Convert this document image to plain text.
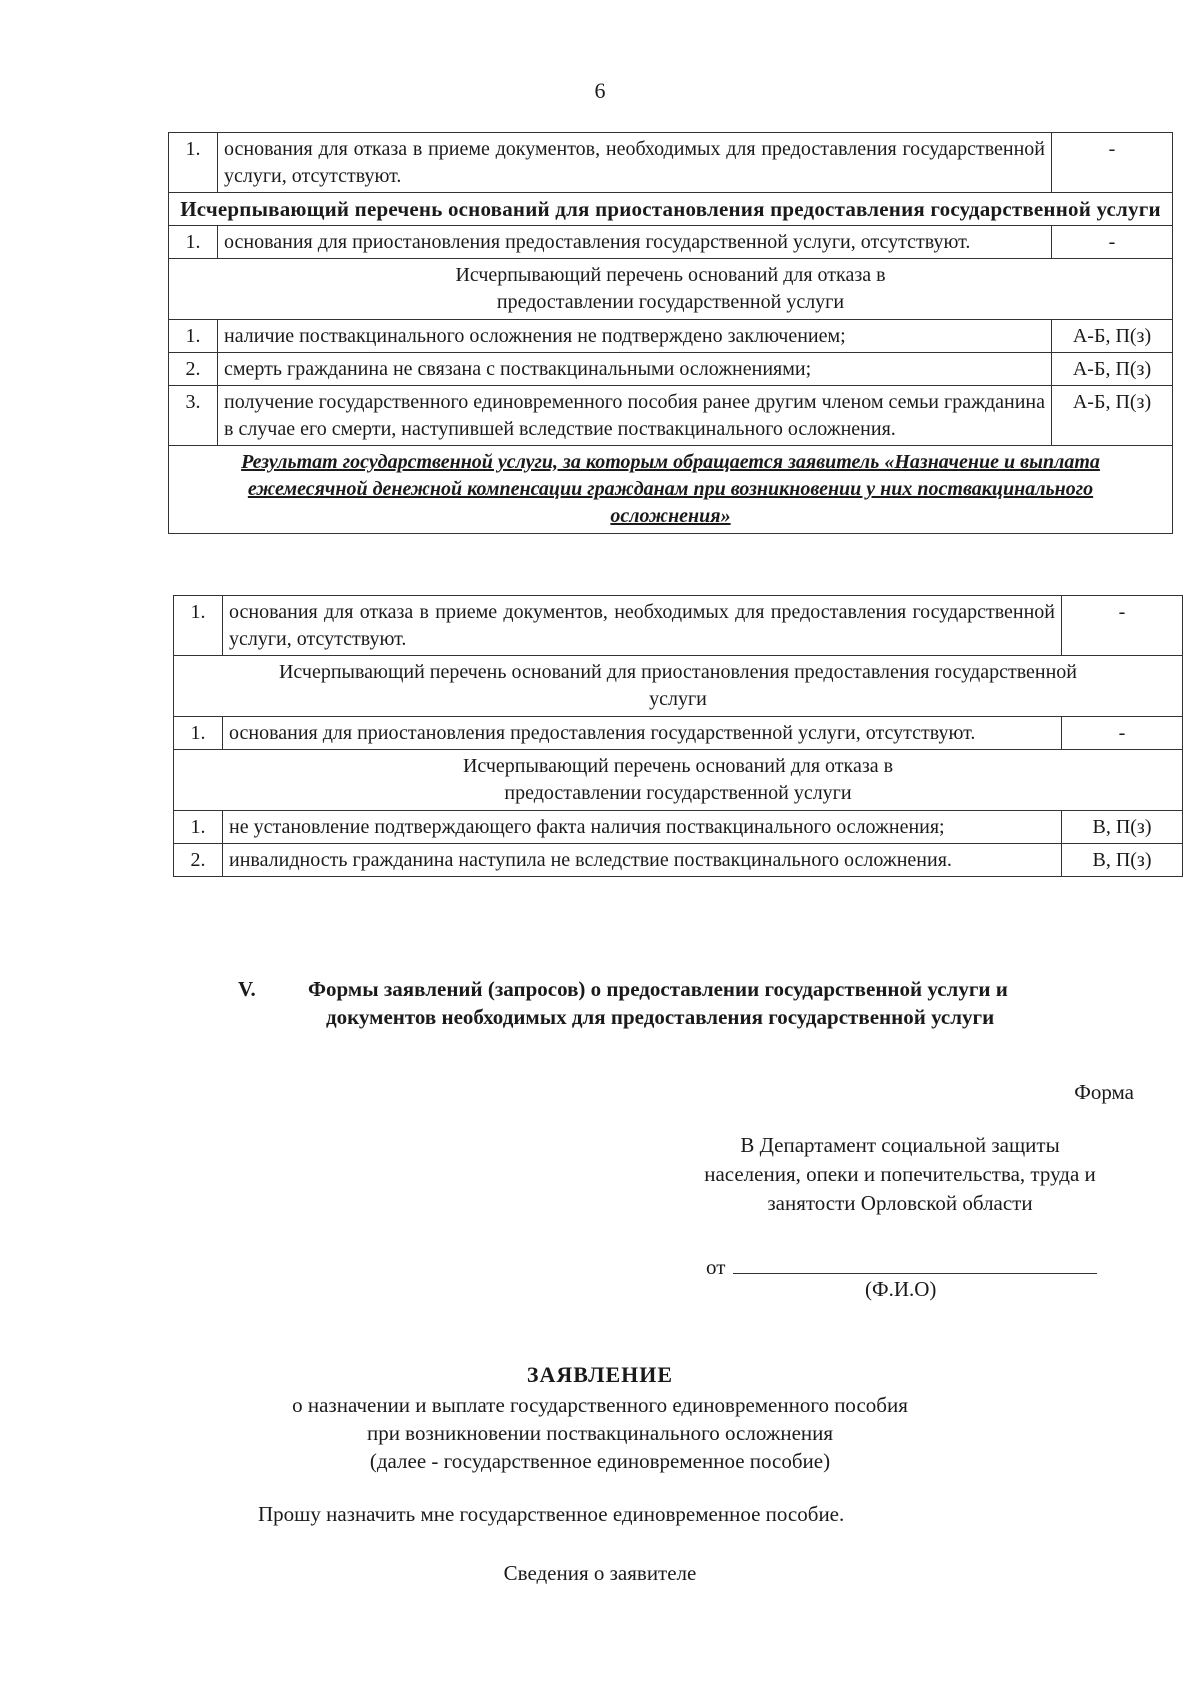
6
1.	основания для отказа в приеме документов, необходимых для предоставления государственной услуги, отсутствуют.	-
Исчерпывающий перечень оснований для приостановления предоставления государственной услуги		
1.	основания для приостановления предоставления государственной услуги, отсутствуют.	-
Исчерпывающий перечень оснований для отказа в предоставлении государственной услуги		
1.	наличие поствакцинального осложнения не подтверждено заключением;	А-Б, П(з)
2.	смерть гражданина не связана с поствакцинальными осложнениями;	А-Б, П(з)
3.	получение государственного единовременного пособия ранее другим членом семьи гражданина в случае его смерти, наступившей вследствие поствакцинального осложнения.	А-Б, П(з)
Результат государственной услуги, за которым обращается заявитель «Назначение и выплата ежемесячной денежной компенсации гражданам при возникновении у них поствакцинального осложнения»		
1.	основания для отказа в приеме документов, необходимых для предоставления государственной услуги, отсутствуют.	-
Исчерпывающий перечень оснований для приостановления предоставления государственной услуги		
1.	основания для приостановления предоставления государственной услуги, отсутствуют.	-
Исчерпывающий перечень оснований для отказа в предоставлении государственной услуги		
1.	не установление подтверждающего факта наличия поствакцинального осложнения;	В, П(з)
2.	инвалидность гражданина наступила не вследствие поствакцинального осложнения.	В, П(з)
V. Формы заявлений (запросов) о предоставлении государственной услуги и
документов необходимых для предоставления государственной услуги
Форма
В Департамент социальной защиты
населения, опеки и попечительства, труда и
занятости Орловской области
от
(Ф.И.О)
ЗАЯВЛЕНИЕ
о назначении и выплате государственного единовременного пособия
при возникновении поствакцинального осложнения
(далее - государственное единовременное пособие)
Прошу назначить мне государственное единовременное пособие.
Сведения о заявителе
